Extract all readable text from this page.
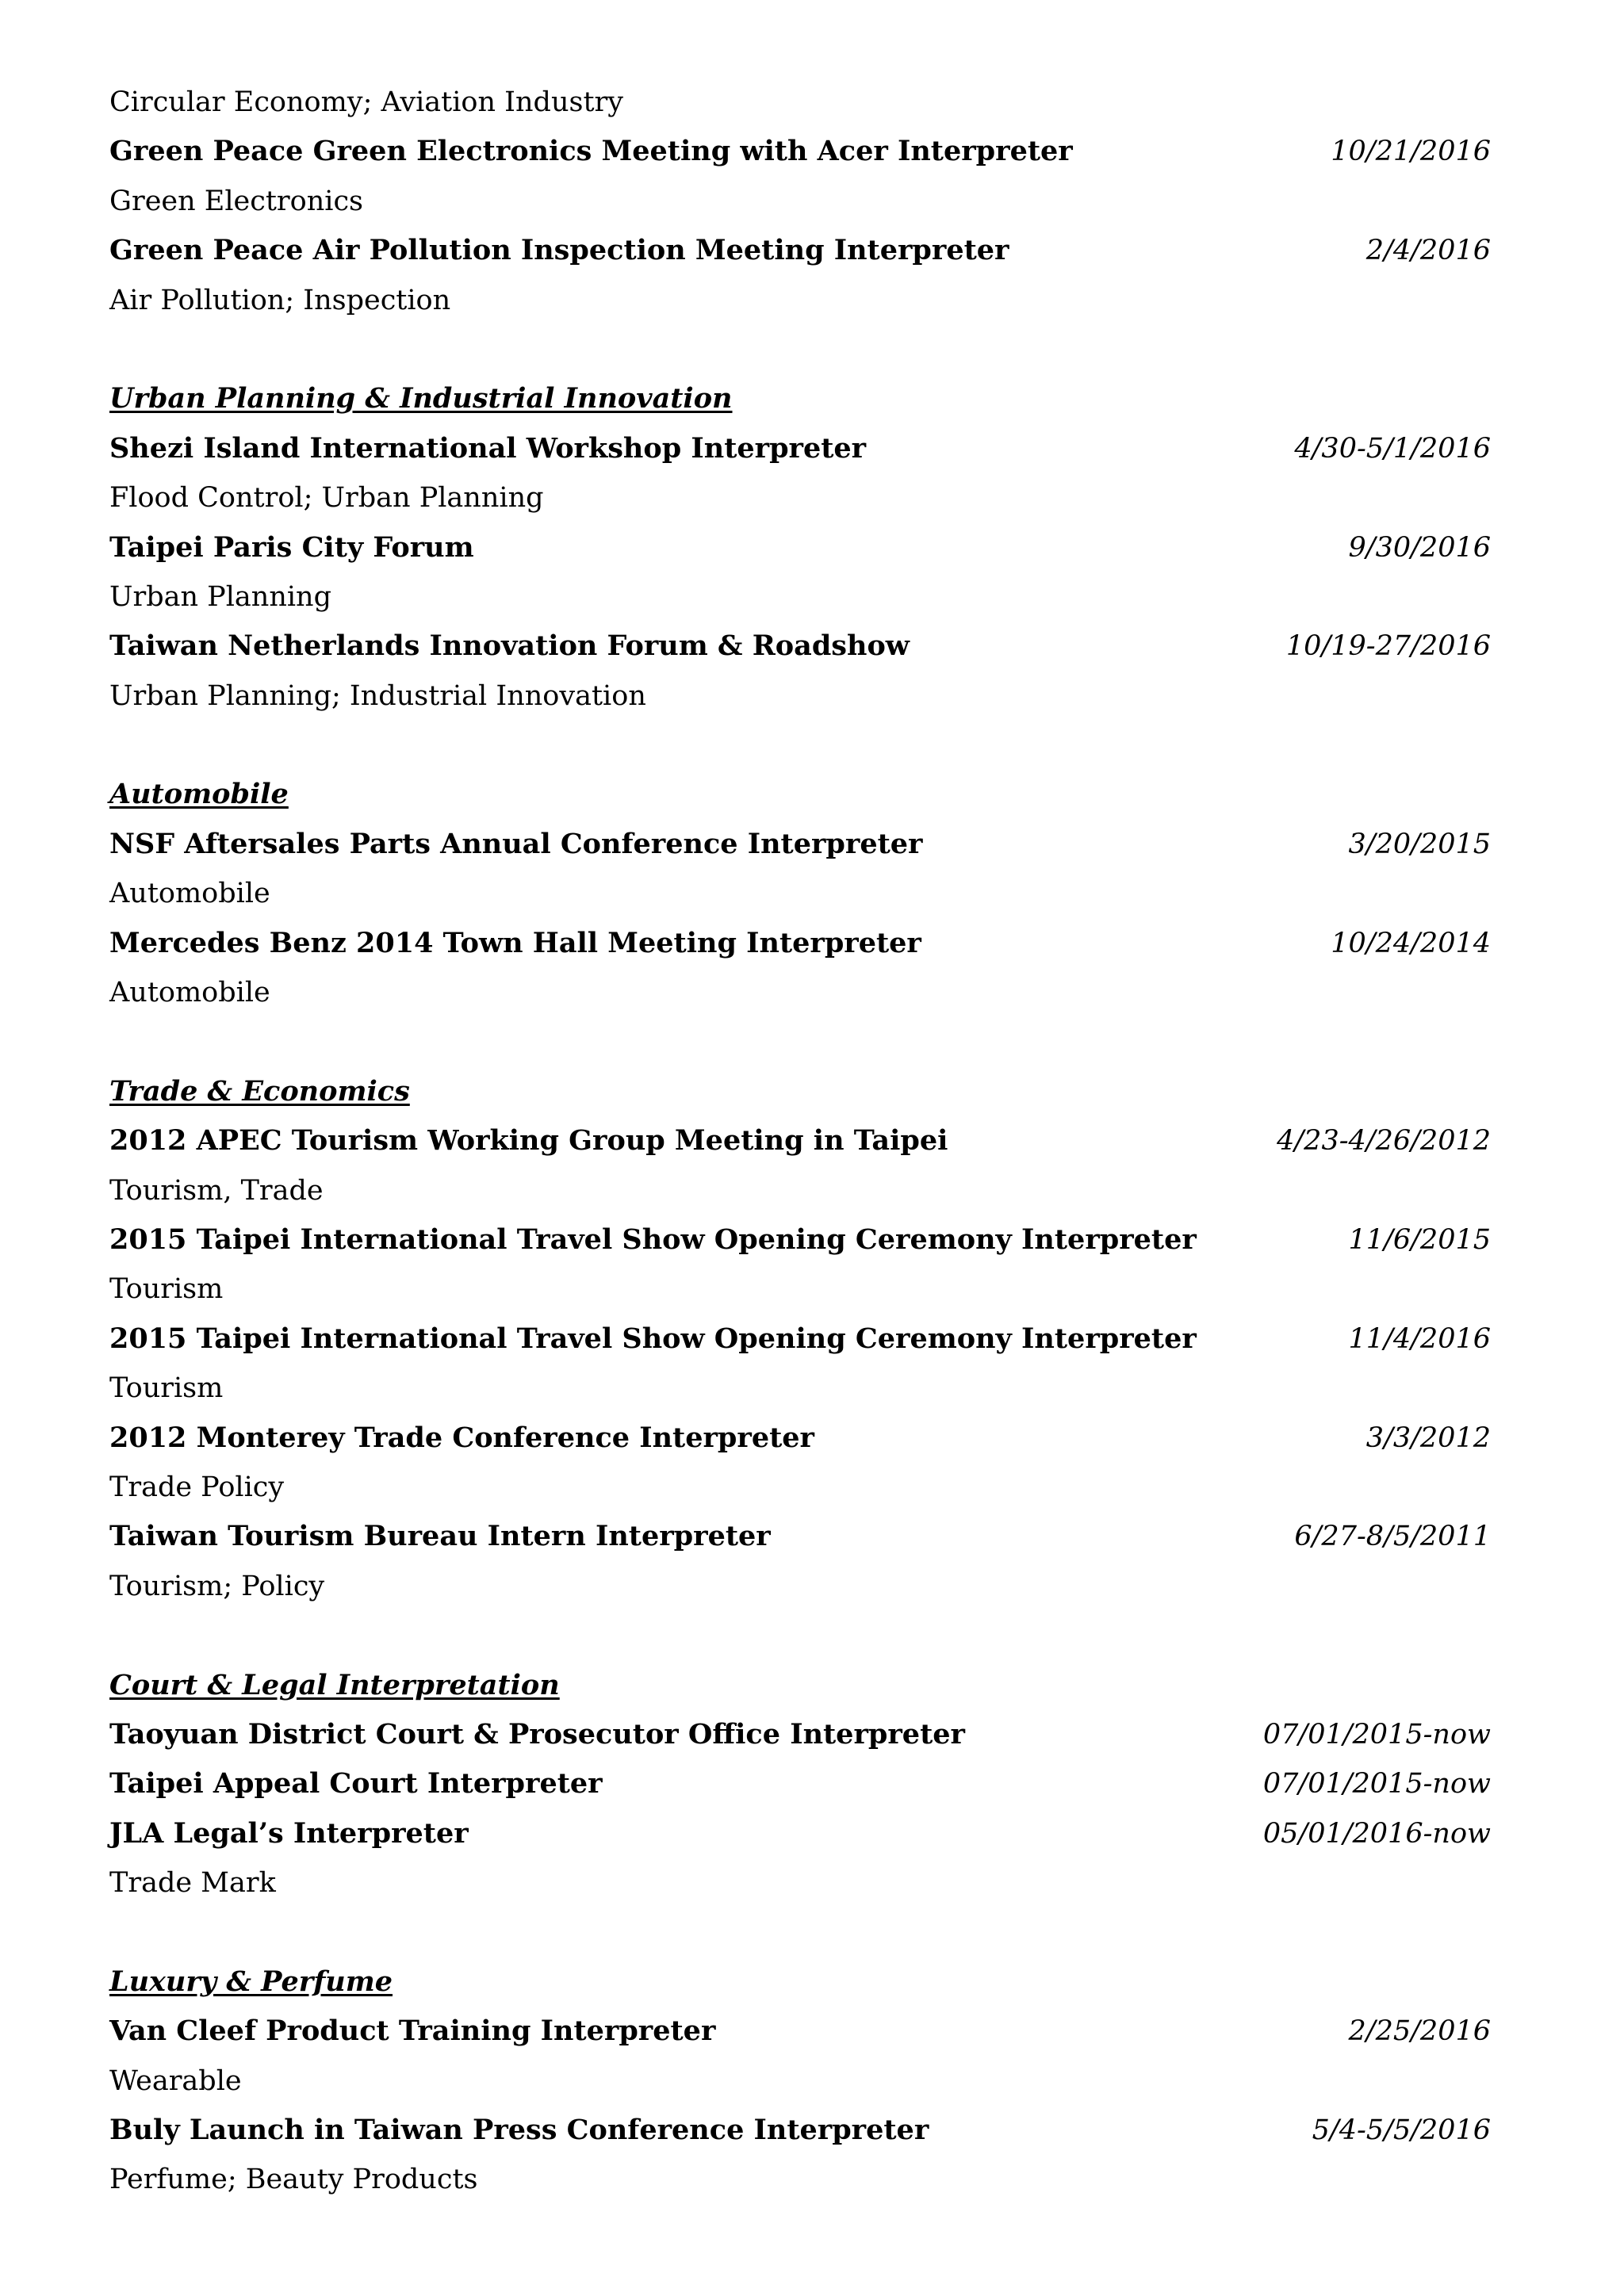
Circular Economy; Aviation Industry
Green Peace Green Electronics Meeting with Acer Interpreter	10/21/2016
Green Electronics
Green Peace Air Pollution Inspection Meeting Interpreter	2/4/2016
Air Pollution; Inspection
Urban Planning & Industrial Innovation
Shezi Island International Workshop Interpreter	4/30-5/1/2016
Flood Control; Urban Planning
Taipei Paris City Forum	9/30/2016
Urban Planning
Taiwan Netherlands Innovation Forum & Roadshow	10/19-27/2016
Urban Planning; Industrial Innovation
Automobile
NSF Aftersales Parts Annual Conference Interpreter	3/20/2015
Automobile
Mercedes Benz 2014 Town Hall Meeting Interpreter	10/24/2014
Automobile
Trade & Economics
2012 APEC Tourism Working Group Meeting in Taipei	4/23-4/26/2012
Tourism, Trade
2015 Taipei International Travel Show Opening Ceremony Interpreter	11/6/2015
Tourism
2015 Taipei International Travel Show Opening Ceremony Interpreter	11/4/2016
Tourism
2012 Monterey Trade Conference Interpreter	3/3/2012
Trade Policy
Taiwan Tourism Bureau Intern Interpreter	6/27-8/5/2011
Tourism; Policy
Court & Legal Interpretation
Taoyuan District Court & Prosecutor Office Interpreter	07/01/2015-now
Taipei Appeal Court Interpreter	07/01/2015-now
JLA Legal’s Interpreter	05/01/2016-now
Trade Mark
Luxury & Perfume
Van Cleef Product Training Interpreter	2/25/2016
Wearable
Buly Launch in Taiwan Press Conference Interpreter	5/4-5/5/2016
Perfume; Beauty Products
